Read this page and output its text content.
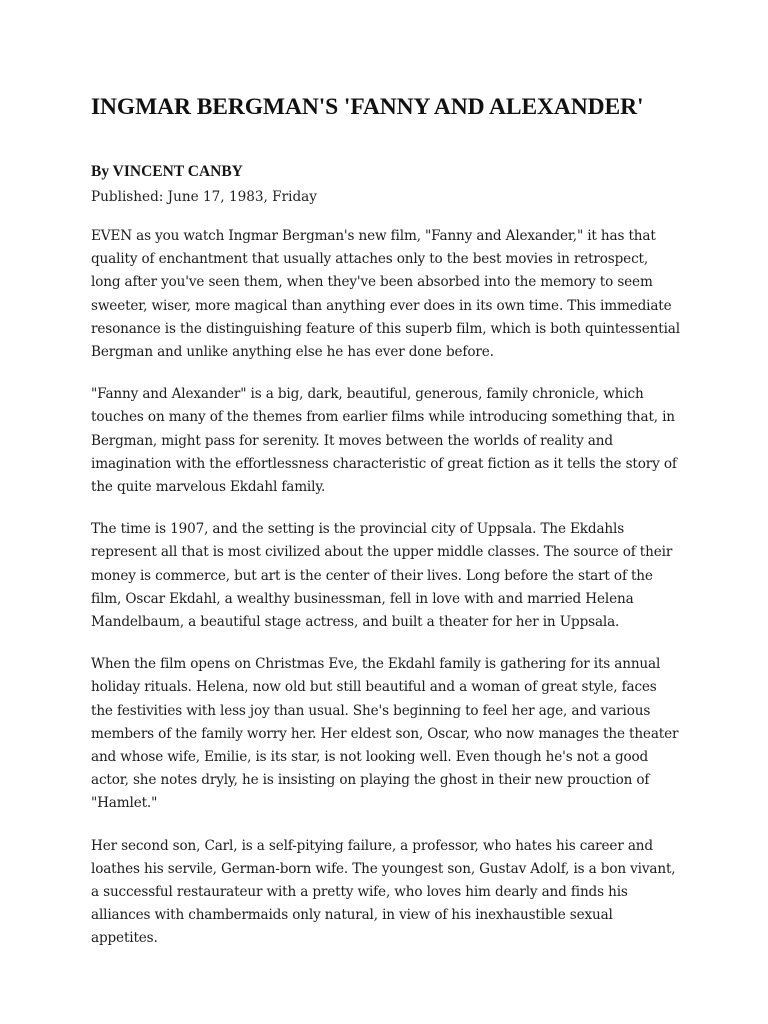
INGMAR BERGMAN'S 'FANNY AND ALEXANDER'
By VINCENT CANBY
Published: June 17, 1983, Friday

EVEN as you watch Ingmar Bergman's new film, "Fanny and Alexander," it has that quality of enchantment that usually attaches only to the best movies in retrospect, long after you've seen them, when they've been absorbed into the memory to seem sweeter, wiser, more magical than anything ever does in its own time. This immediate resonance is the distinguishing feature of this superb film, which is both quintessential Bergman and unlike anything else he has ever done before.

"Fanny and Alexander" is a big, dark, beautiful, generous, family chronicle, which touches on many of the themes from earlier films while introducing something that, in Bergman, might pass for serenity. It moves between the worlds of reality and imagination with the effortlessness characteristic of great fiction as it tells the story of the quite marvelous Ekdahl family.

The time is 1907, and the setting is the provincial city of Uppsala. The Ekdahls represent all that is most civilized about the upper middle classes. The source of their money is commerce, but art is the center of their lives. Long before the start of the film, Oscar Ekdahl, a wealthy businessman, fell in love with and married Helena Mandelbaum, a beautiful stage actress, and built a theater for her in Uppsala.

When the film opens on Christmas Eve, the Ekdahl family is gathering for its annual holiday rituals. Helena, now old but still beautiful and a woman of great style, faces the festivities with less joy than usual. She's beginning to feel her age, and various members of the family worry her. Her eldest son, Oscar, who now manages the theater and whose wife, Emilie, is its star, is not looking well. Even though he's not a good actor, she notes dryly, he is insisting on playing the ghost in their new prouction of "Hamlet."

Her second son, Carl, is a self-pitying failure, a professor, who hates his career and loathes his servile, German-born wife. The youngest son, Gustav Adolf, is a bon vivant, a successful restaurateur with a pretty wife, who loves him dearly and finds his alliances with chambermaids only natural, in view of his inexhaustible sexual appetites.
